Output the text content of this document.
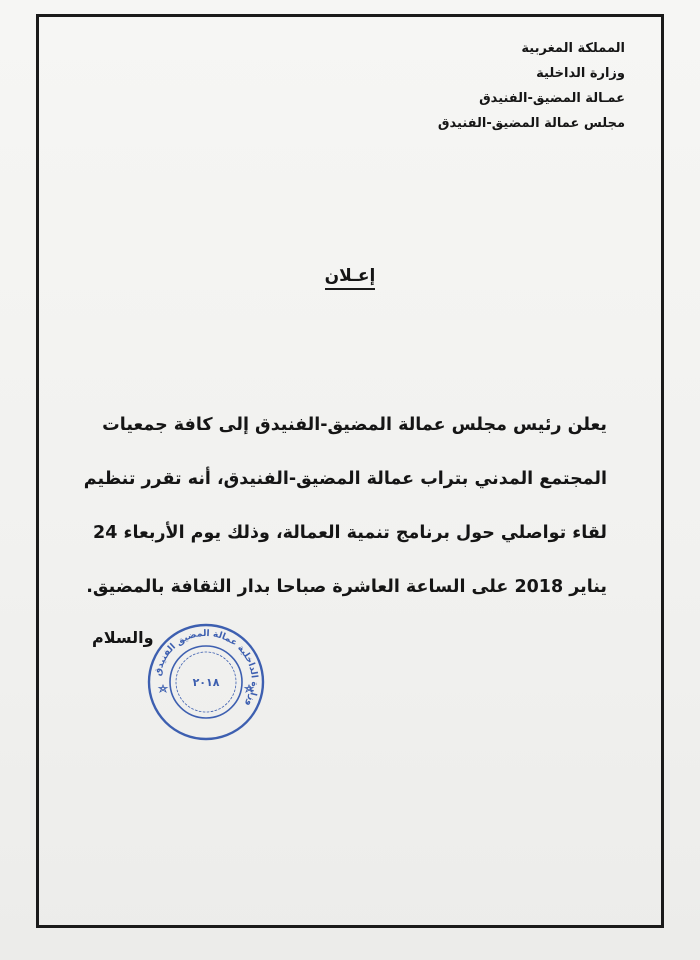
المملكة المغربية
وزارة الداخلية
عمـالة المضيق-الفنيدق
مجلس عمالة المضيق-الفنيدق
إعـلان
يعلن رئيس مجلس عمالة المضيق-الفنيدق إلى كافة جمعيات
المجتمع المدني بتراب عمالة المضيق-الفنيدق، أنه تقرر تنظيم
لقاء تواصلي حول برنامج تنمية العمالة، وذلك يوم الأربعاء 24
يناير 2018 على الساعة العاشرة صباحا بدار الثقافة بالمضيق.
والسلام
وزارة الداخلية عمالة المضيق الفنيدق
٢٠١٨
